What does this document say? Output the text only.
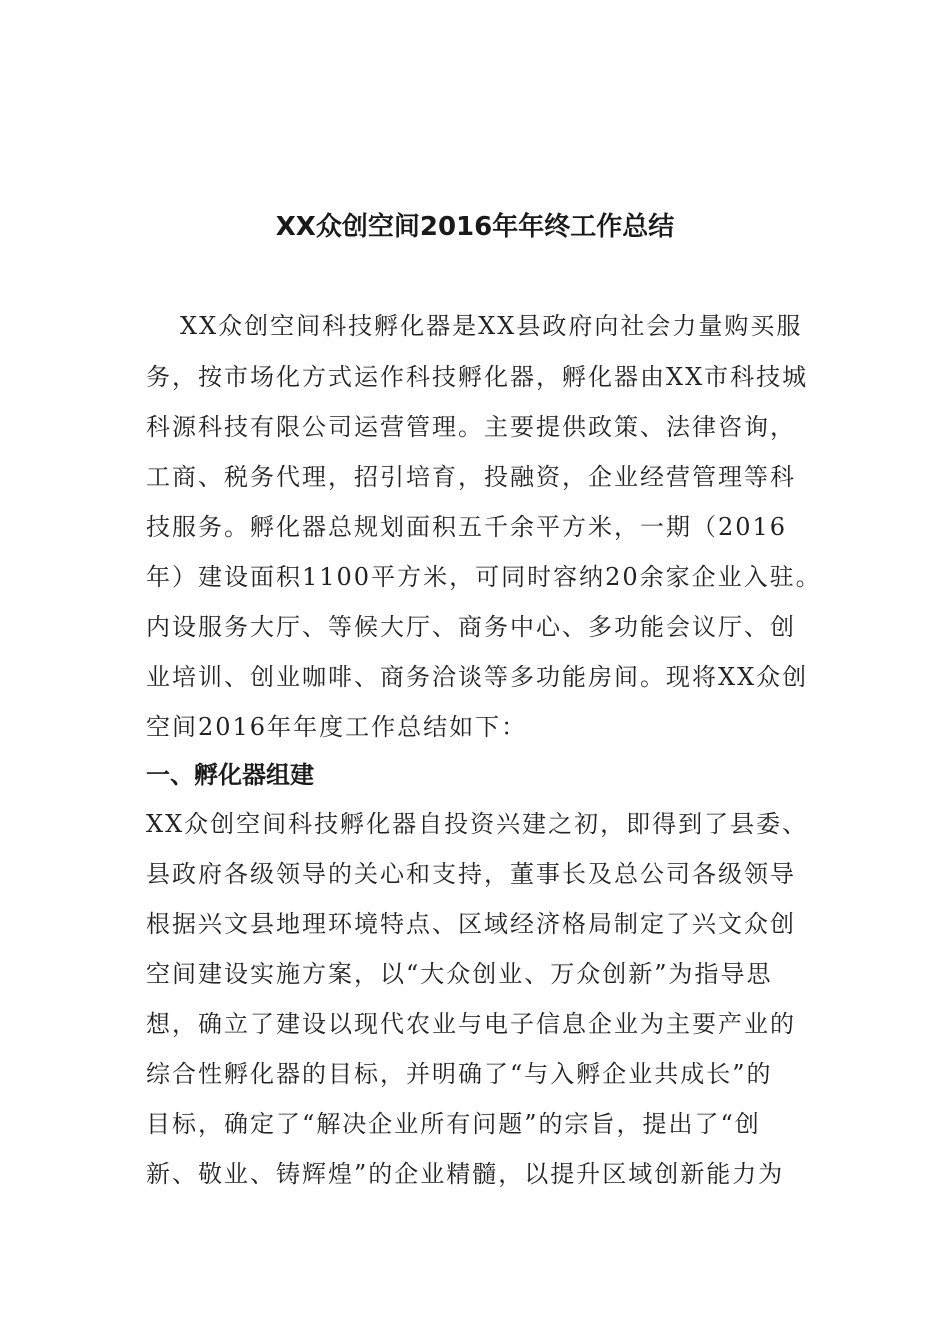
XX众创空间2016年年终工作总结
XX众创空间科技孵化器是XX县政府向社会力量购买服
务，按市场化方式运作科技孵化器，孵化器由XX市科技城
科源科技有限公司运营管理。主要提供政策、法律咨询，
工商、税务代理，招引培育，投融资，企业经营管理等科
技服务。孵化器总规划面积五千余平方米，一期（2016
年）建设面积1100平方米，可同时容纳20余家企业入驻。
内设服务大厅、等候大厅、商务中心、多功能会议厅、创
业培训、创业咖啡、商务洽谈等多功能房间。现将XX众创
空间2016年年度工作总结如下：
一、孵化器组建
XX众创空间科技孵化器自投资兴建之初，即得到了县委、
县政府各级领导的关心和支持，董事长及总公司各级领导
根据兴文县地理环境特点、区域经济格局制定了兴文众创
空间建设实施方案，以“大众创业、万众创新”为指导思
想，确立了建设以现代农业与电子信息企业为主要产业的
综合性孵化器的目标，并明确了“与入孵企业共成长”的
目标，确定了“解决企业所有问题”的宗旨，提出了“创
新、敬业、铸辉煌”的企业精髓，以提升区域创新能力为
